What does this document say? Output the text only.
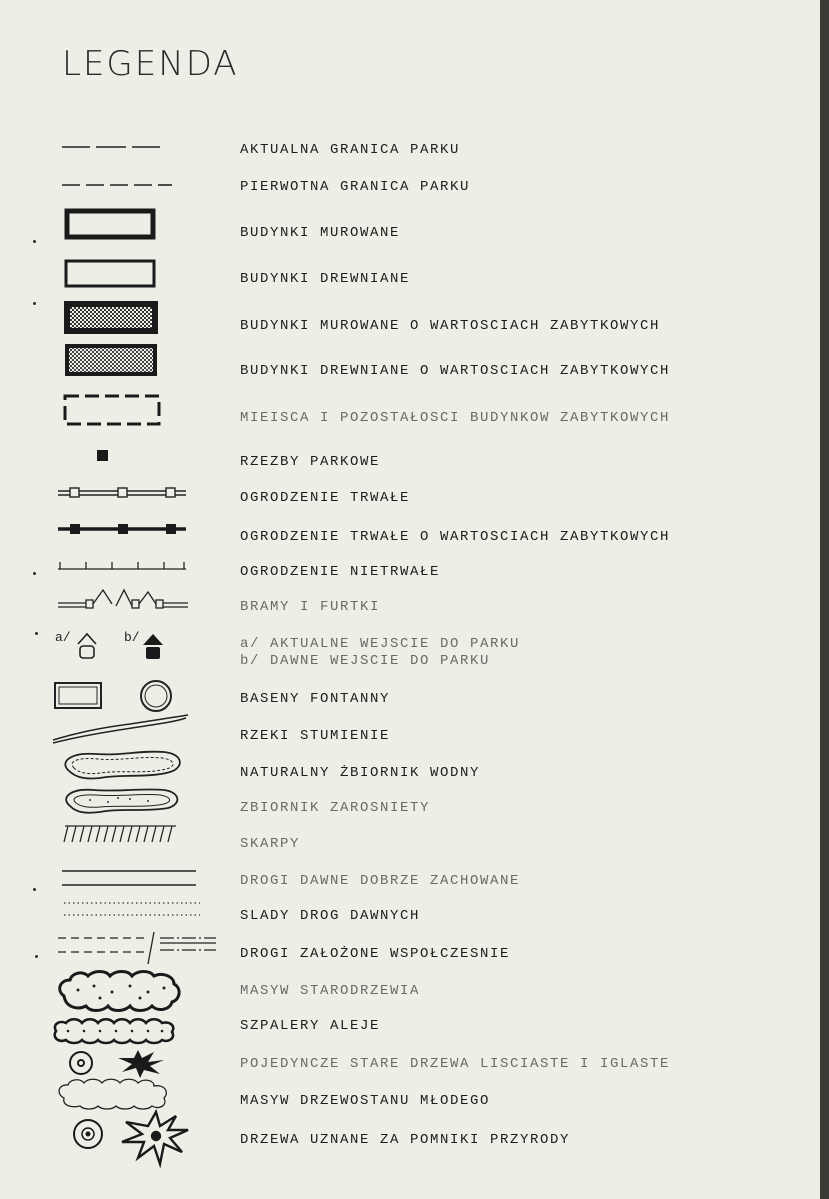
LEGENDA
AKTUALNA GRANICA PARKU
PIERWOTNA GRANICA PARKU
BUDYNKI MUROWANE
BUDYNKI DREWNIANE
BUDYNKI MUROWANE O WARTOSCIACH ZABYTKOWYCH
BUDYNKI DREWNIANE O WARTOSCIACH ZABYTKOWYCH
MIEISCA I POZOSTAŁOSCI BUDYNKOW ZABYTKOWYCH
RZEZBY PARKOWE
OGRODZENIE TRWAŁE
OGRODZENIE TRWAŁE O WARTOSCIACH ZABYTKOWYCH
OGRODZENIE NIETRWAŁE
BRAMY I FURTKI
a/	b/	a/ AKTUALNE WEJSCIE DO PARKU
b/ DAWNE WEJSCIE DO PARKU
BASENY FONTANNY
RZEKI STUMIENIE
NATURALNY ŻBIORNIK WODNY
ZBIORNIK ZAROSNIETY
SKARPY
DROGI DAWNE DOBRZE ZACHOWANE
SLADY DROG DAWNYCH
DROGI ZAŁOŻONE WSPOŁCZESNIE
MASYW STARODRZEWIA
SZPALERY ALEJE
POJEDYNCZE STARE DRZEWA LISCIASTE I IGLASTE
MASYW DRZEWOSTANU MŁODEGO
DRZEWA UZNANE ZA POMNIKI PRZYRODY
